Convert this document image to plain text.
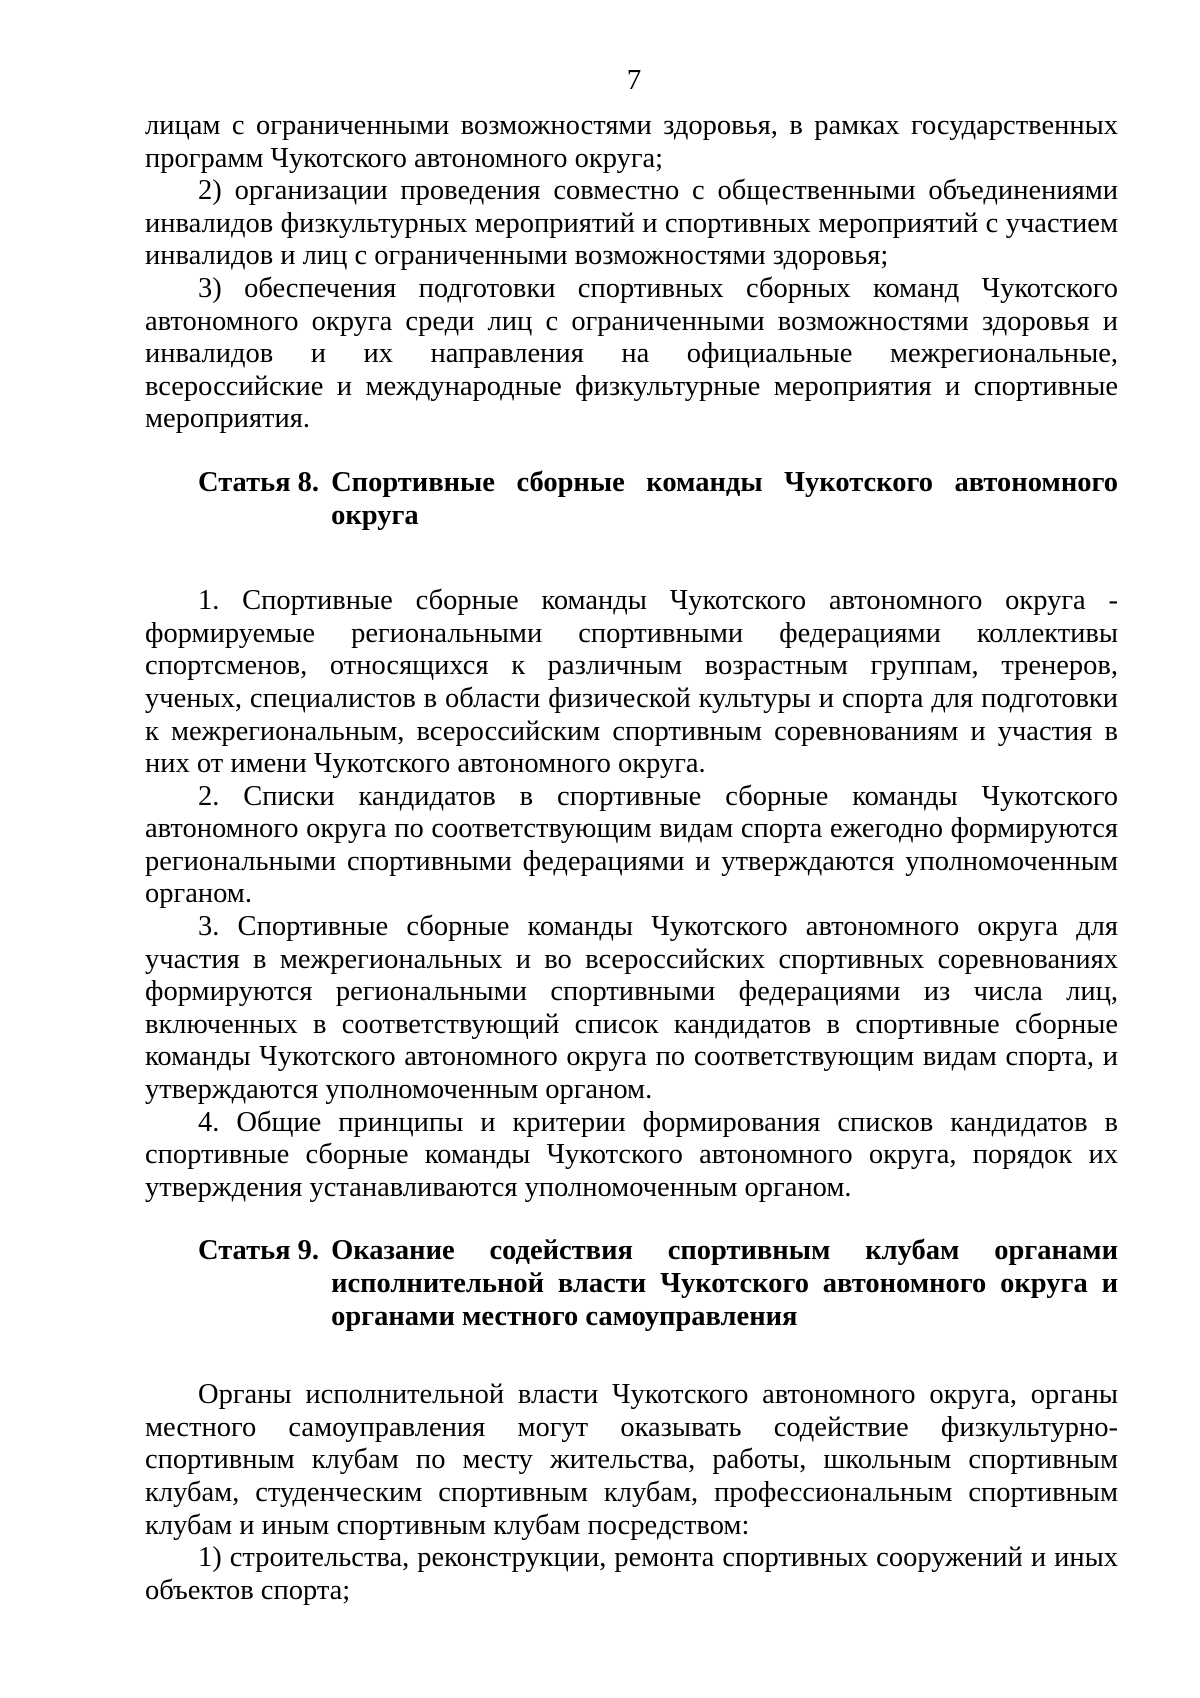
7

лицам с ограниченными возможностями здоровья, в рамках государственных программ Чукотского автономного округа;

2) организации проведения совместно с общественными объединениями инвалидов физкультурных мероприятий и спортивных мероприятий с участием инвалидов и лиц с ограниченными возможностями здоровья;

3) обеспечения подготовки спортивных сборных команд Чукотского автономного округа среди лиц с ограниченными возможностями здоровья и инвалидов и их направления на официальные межрегиональные, всероссийские и международные физкультурные мероприятия и спортивные мероприятия.

Статья 8. Спортивные сборные команды Чукотского автономного округа

1. Спортивные сборные команды Чукотского автономного округа - формируемые региональными спортивными федерациями коллективы спортсменов, относящихся к различным возрастным группам, тренеров, ученых, специалистов в области физической культуры и спорта для подготовки к межрегиональным, всероссийским спортивным соревнованиям и участия в них от имени Чукотского автономного округа.

2. Списки кандидатов в спортивные сборные команды Чукотского автономного округа по соответствующим видам спорта ежегодно формируются региональными спортивными федерациями и утверждаются уполномоченным органом.

3. Спортивные сборные команды Чукотского автономного округа для участия в межрегиональных и во всероссийских спортивных соревнованиях формируются региональными спортивными федерациями из числа лиц, включенных в соответствующий список кандидатов в спортивные сборные команды Чукотского автономного округа по соответствующим видам спорта, и утверждаются уполномоченным органом.

4. Общие принципы и критерии формирования списков кандидатов в спортивные сборные команды Чукотского автономного округа, порядок их утверждения устанавливаются уполномоченным органом.

Статья 9. Оказание содействия спортивным клубам органами исполнительной власти Чукотского автономного округа и органами местного самоуправления

Органы исполнительной власти Чукотского автономного округа, органы местного самоуправления могут оказывать содействие физкультурно-спортивным клубам по месту жительства, работы, школьным спортивным клубам, студенческим спортивным клубам, профессиональным спортивным клубам и иным спортивным клубам посредством:

1) строительства, реконструкции, ремонта спортивных сооружений и иных объектов спорта;
